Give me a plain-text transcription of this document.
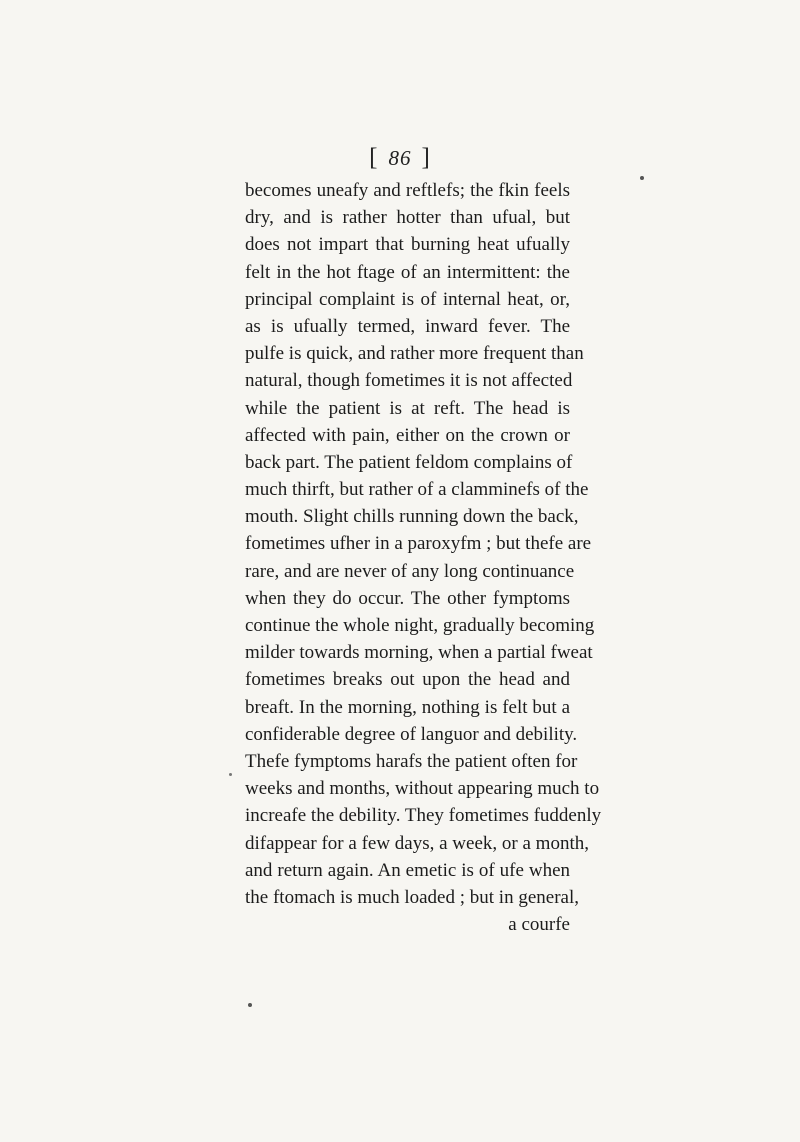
[ 86 ]
becomes uneafy and reftlefs; the fkin feels
dry, and is rather hotter than ufual, but
does not impart that burning heat ufually
felt in the hot ftage of an intermittent: the
principal complaint is of internal heat, or,
as is ufually termed, inward fever. The
pulfe is quick, and rather more frequent than
natural, though fometimes it is not affected
while the patient is at reft. The head is
affected with pain, either on the crown or
back part. The patient feldom complains of
much thirft, but rather of a clamminefs of the
mouth. Slight chills running down the back,
fometimes ufher in a paroxyfm ; but thefe are
rare, and are never of any long continuance
when they do occur. The other fymptoms
continue the whole night, gradually becoming
milder towards morning, when a partial fweat
fometimes breaks out upon the head and
breaft. In the morning, nothing is felt but a
confiderable degree of languor and debility.
Thefe fymptoms harafs the patient often for
weeks and months, without appearing much to
increafe the debility. They fometimes fuddenly
difappear for a few days, a week, or a month,
and return again. An emetic is of ufe when
the ftomach is much loaded ; but in general,
a courfe
